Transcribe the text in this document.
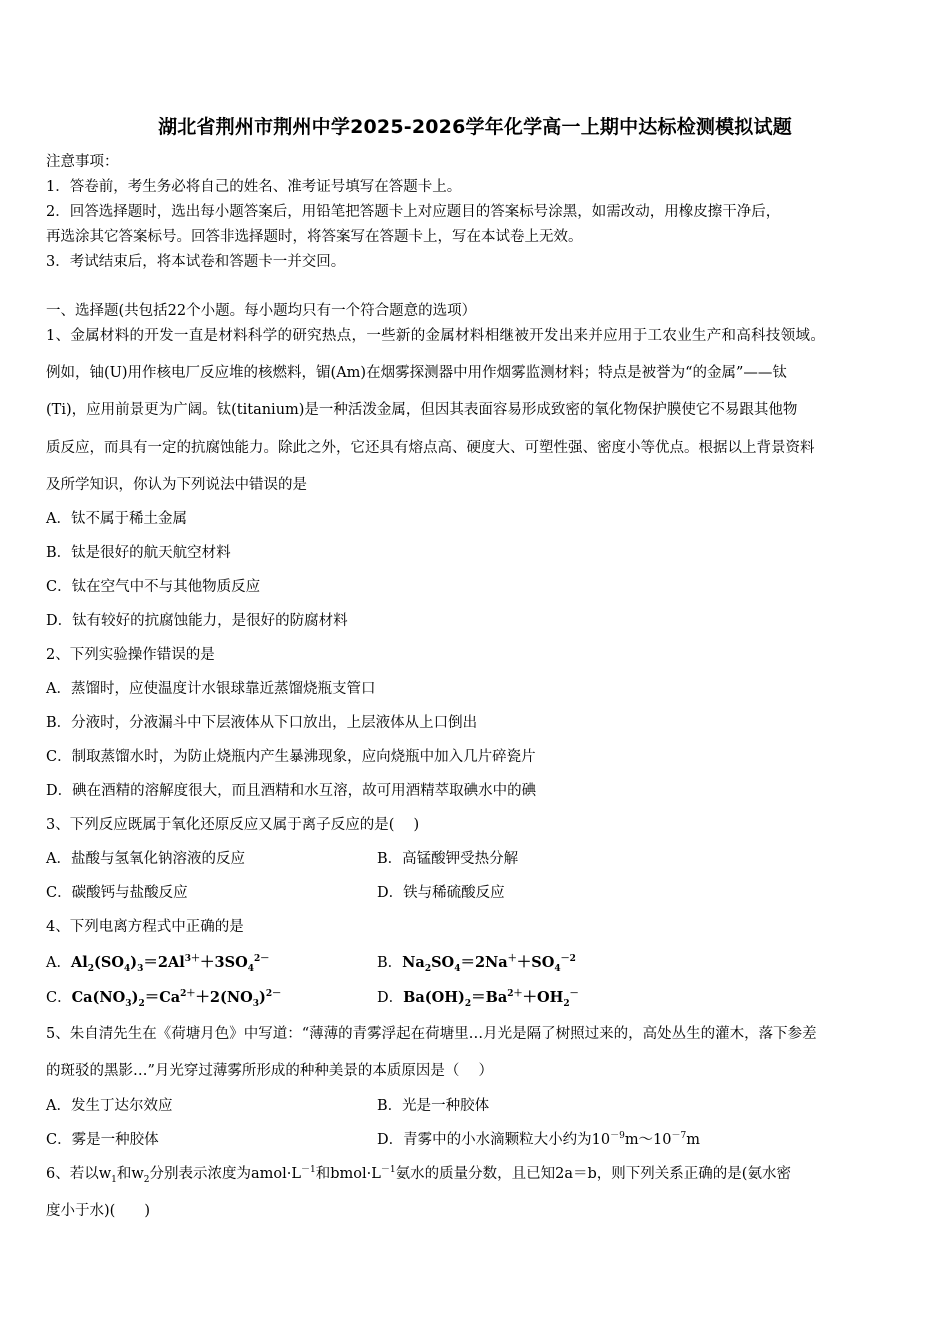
湖北省荆州市荆州中学2025-2026学年化学高一上期中达标检测模拟试题
注意事项：
1．答卷前，考生务必将自己的姓名、准考证号填写在答题卡上。
2．回答选择题时，选出每小题答案后，用铅笔把答题卡上对应题目的答案标号涂黑，如需改动，用橡皮擦干净后，
再选涂其它答案标号。回答非选择题时，将答案写在答题卡上，写在本试卷上无效。
3．考试结束后，将本试卷和答题卡一并交回。
一、选择题(共包括22个小题。每小题均只有一个符合题意的选项）
1、金属材料的开发一直是材料科学的研究热点，一些新的金属材料相继被开发出来并应用于工农业生产和高科技领域。
例如，铀(U)用作核电厂反应堆的核燃料，镅(Am)在烟雾探测器中用作烟雾监测材料；特点是被誉为“的金属”——钛
(Ti)，应用前景更为广阔。钛(titanium)是一种活泼金属，但因其表面容易形成致密的氧化物保护膜使它不易跟其他物
质反应，而具有一定的抗腐蚀能力。除此之外，它还具有熔点高、硬度大、可塑性强、密度小等优点。根据以上背景资料
及所学知识，你认为下列说法中错误的是
A．钛不属于稀土金属
B．钛是很好的航天航空材料
C．钛在空气中不与其他物质反应
D．钛有较好的抗腐蚀能力，是很好的防腐材料
2、下列实验操作错误的是
A．蒸馏时，应使温度计水银球靠近蒸馏烧瓶支管口
B．分液时，分液漏斗中下层液体从下口放出，上层液体从上口倒出
C．制取蒸馏水时，为防止烧瓶内产生暴沸现象，应向烧瓶中加入几片碎瓷片
D．碘在酒精的溶解度很大，而且酒精和水互溶，故可用酒精萃取碘水中的碘
3、下列反应既属于氧化还原反应又属于离子反应的是(　 )
A．盐酸与氢氧化钠溶液的反应	B．高锰酸钾受热分解
C．碳酸钙与盐酸反应	D．铁与稀硫酸反应
4、下列电离方程式中正确的是
A．$Al_2(SO_4)_3=2Al^{3+}+3SO_4^{2-}$	B．$Na_2SO_4=2Na^++SO_4^{-2}$
C．$Ca(NO_3)_2=Ca^{2+}+2(NO_3)^{2-}$	D．$Ba(OH)_2=Ba^{2+}+OH_2^-$
5、朱自清先生在《荷塘月色》中写道：“薄薄的青雾浮起在荷塘里…月光是隔了树照过来的，高处丛生的灌木，落下参差
的斑驳的黑影…”月光穿过薄雾所形成的种种美景的本质原因是（　 ）
A．发生丁达尔效应	B．光是一种胶体
C．雾是一种胶体	D．青雾中的小水滴颗粒大小约为$10^{-9}m\sim 10^{-7}m$
6、若以$w_1$和$w_2$分别表示浓度为$amol\cdot L^{-1}$和$bmol\cdot L^{-1}$氨水的质量分数，且已知2a＝b，则下列关系正确的是(氨水密
度小于水)(　　)
